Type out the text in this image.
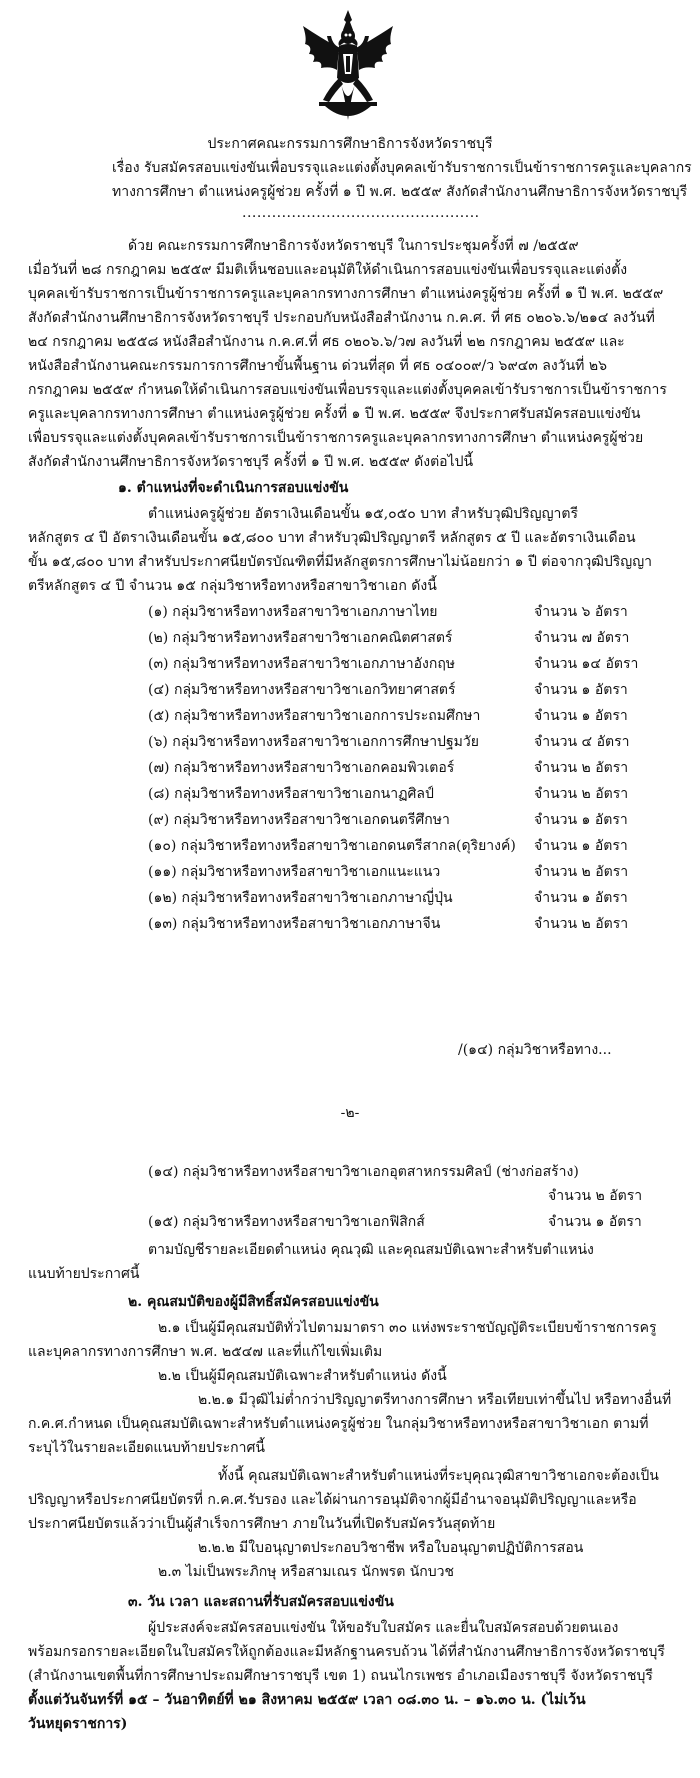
ประกาศคณะกรรมการศึกษาธิการจังหวัดราชบุรี
เรื่อง รับสมัครสอบแข่งขันเพื่อบรรจุและแต่งตั้งบุคคลเข้ารับราชการเป็นข้าราชการครูและบุคลากร
ทางการศึกษา ตำแหน่งครูผู้ช่วย ครั้งที่ ๑ ปี พ.ศ. ๒๕๕๙ สังกัดสำนักงานศึกษาธิการจังหวัดราชบุรี
................................................
ด้วย คณะกรรมการศึกษาธิการจังหวัดราชบุรี ในการประชุมครั้งที่ ๗ /๒๕๕๙
เมื่อวันที่ ๒๘ กรกฎาคม ๒๕๕๙ มีมติเห็นชอบและอนุมัติให้ดำเนินการสอบแข่งขันเพื่อบรรจุและแต่งตั้ง
บุคคลเข้ารับราชการเป็นข้าราชการครูและบุคลากรทางการศึกษา ตำแหน่งครูผู้ช่วย ครั้งที่ ๑ ปี พ.ศ. ๒๕๕๙
สังกัดสำนักงานศึกษาธิการจังหวัดราชบุรี ประกอบกับหนังสือสำนักงาน ก.ค.ศ. ที่ ศธ ๐๒๐๖.๖/๒๑๔ ลงวันที่
๒๔ กรกฎาคม ๒๕๕๘ หนังสือสำนักงาน ก.ค.ศ.ที่ ศธ ๐๒๐๖.๖/ว๗ ลงวันที่ ๒๒ กรกฎาคม ๒๕๕๙ และ
หนังสือสำนักงานคณะกรรมการการศึกษาขั้นพื้นฐาน ด่วนที่สุด ที่ ศธ ๐๔๐๐๙/ว ๖๙๔๓ ลงวันที่ ๒๖
กรกฎาคม ๒๕๕๙ กำหนดให้ดำเนินการสอบแข่งขันเพื่อบรรจุและแต่งตั้งบุคคลเข้ารับราชการเป็นข้าราชการ
ครูและบุคลากรทางการศึกษา ตำแหน่งครูผู้ช่วย ครั้งที่ ๑ ปี พ.ศ. ๒๕๕๙ จึงประกาศรับสมัครสอบแข่งขัน
เพื่อบรรจุและแต่งตั้งบุคคลเข้ารับราชการเป็นข้าราชการครูและบุคลากรทางการศึกษา ตำแหน่งครูผู้ช่วย
สังกัดสำนักงานศึกษาธิการจังหวัดราชบุรี ครั้งที่ ๑ ปี พ.ศ. ๒๕๕๙ ดังต่อไปนี้
๑. ตำแหน่งที่จะดำเนินการสอบแข่งขัน
ตำแหน่งครูผู้ช่วย อัตราเงินเดือนขั้น ๑๕,๐๕๐ บาท สำหรับวุฒิปริญญาตรี
หลักสูตร ๔ ปี อัตราเงินเดือนขั้น ๑๕,๘๐๐ บาท สำหรับวุฒิปริญญาตรี หลักสูตร ๕ ปี และอัตราเงินเดือน
ขั้น ๑๕,๘๐๐ บาท สำหรับประกาศนียบัตรบัณฑิตที่มีหลักสูตรการศึกษาไม่น้อยกว่า ๑ ปี ต่อจากวุฒิปริญญา
ตรีหลักสูตร ๔ ปี จำนวน ๑๕ กลุ่มวิชาหรือทางหรือสาขาวิชาเอก ดังนี้
(๑) กลุ่มวิชาหรือทางหรือสาขาวิชาเอกภาษาไทย	จำนวน ๖ อัตรา
(๒) กลุ่มวิชาหรือทางหรือสาขาวิชาเอกคณิตศาสตร์	จำนวน ๗ อัตรา
(๓) กลุ่มวิชาหรือทางหรือสาขาวิชาเอกภาษาอังกฤษ	จำนวน ๑๔ อัตรา
(๔) กลุ่มวิชาหรือทางหรือสาขาวิชาเอกวิทยาศาสตร์	จำนวน ๑ อัตรา
(๕) กลุ่มวิชาหรือทางหรือสาขาวิชาเอกการประถมศึกษา	จำนวน ๑ อัตรา
(๖) กลุ่มวิชาหรือทางหรือสาขาวิชาเอกการศึกษาปฐมวัย	จำนวน ๔ อัตรา
(๗) กลุ่มวิชาหรือทางหรือสาขาวิชาเอกคอมพิวเตอร์	จำนวน ๒ อัตรา
(๘) กลุ่มวิชาหรือทางหรือสาขาวิชาเอกนาฏศิลป์	จำนวน ๒ อัตรา
(๙) กลุ่มวิชาหรือทางหรือสาขาวิชาเอกดนตรีศึกษา	จำนวน ๑ อัตรา
(๑๐) กลุ่มวิชาหรือทางหรือสาขาวิชาเอกดนตรีสากล(ดุริยางค์) จำนวน ๑ อัตรา
(๑๑) กลุ่มวิชาหรือทางหรือสาขาวิชาเอกแนะแนว	จำนวน ๒ อัตรา
(๑๒) กลุ่มวิชาหรือทางหรือสาขาวิชาเอกภาษาญี่ปุ่น	จำนวน ๑ อัตรา
(๑๓) กลุ่มวิชาหรือทางหรือสาขาวิชาเอกภาษาจีน	จำนวน ๒ อัตรา
/(๑๔) กลุ่มวิชาหรือทาง...
-๒-
(๑๔) กลุ่มวิชาหรือทางหรือสาขาวิชาเอกอุตสาหกรรมศิลป์ (ช่างก่อสร้าง)
จำนวน ๒ อัตรา
(๑๕) กลุ่มวิชาหรือทางหรือสาขาวิชาเอกฟิสิกส์	จำนวน ๑ อัตรา
ตามบัญชีรายละเอียดตำแหน่ง คุณวุฒิ และคุณสมบัติเฉพาะสำหรับตำแหน่ง
แนบท้ายประกาศนี้
๒. คุณสมบัติของผู้มีสิทธิ์สมัครสอบแข่งขัน
๒.๑ เป็นผู้มีคุณสมบัติทั่วไปตามมาตรา ๓๐ แห่งพระราชบัญญัติระเบียบข้าราชการครู
และบุคลากรทางการศึกษา พ.ศ. ๒๕๔๗ และที่แก้ไขเพิ่มเติม
๒.๒ เป็นผู้มีคุณสมบัติเฉพาะสำหรับตำแหน่ง ดังนี้
๒.๒.๑ มีวุฒิไม่ต่ำกว่าปริญญาตรีทางการศึกษา หรือเทียบเท่าขึ้นไป หรือทางอื่นที่
ก.ค.ศ.กำหนด เป็นคุณสมบัติเฉพาะสำหรับตำแหน่งครูผู้ช่วย ในกลุ่มวิชาหรือทางหรือสาขาวิชาเอก ตามที่
ระบุไว้ในรายละเอียดแนบท้ายประกาศนี้
ทั้งนี้ คุณสมบัติเฉพาะสำหรับตำแหน่งที่ระบุคุณวุฒิสาขาวิชาเอกจะต้องเป็น
ปริญญาหรือประกาศนียบัตรที่ ก.ค.ศ.รับรอง และได้ผ่านการอนุมัติจากผู้มีอำนาจอนุมัติปริญญาและหรือ
ประกาศนียบัตรแล้วว่าเป็นผู้สำเร็จการศึกษา ภายในวันที่เปิดรับสมัครวันสุดท้าย
๒.๒.๒ มีใบอนุญาตประกอบวิชาชีพ หรือใบอนุญาตปฏิบัติการสอน
๒.๓ ไม่เป็นพระภิกษุ หรือสามเณร นักพรต นักบวช
๓. วัน เวลา และสถานที่รับสมัครสอบแข่งขัน
ผู้ประสงค์จะสมัครสอบแข่งขัน ให้ขอรับใบสมัคร และยื่นใบสมัครสอบด้วยตนเอง
พร้อมกรอกรายละเอียดในใบสมัครให้ถูกต้องและมีหลักฐานครบถ้วน ได้ที่สำนักงานศึกษาธิการจังหวัดราชบุรี
(สำนักงานเขตพื้นที่การศึกษาประถมศึกษาราชบุรี เขต 1) ถนนไกรเพชร อำเภอเมืองราชบุรี จังหวัดราชบุรี
ตั้งแต่วันจันทร์ที่ ๑๕ – วันอาทิตย์ที่ ๒๑ สิงหาคม ๒๕๕๙ เวลา ๐๘.๓๐ น. – ๑๖.๓๐ น. (ไม่เว้น
วันหยุดราชการ)
